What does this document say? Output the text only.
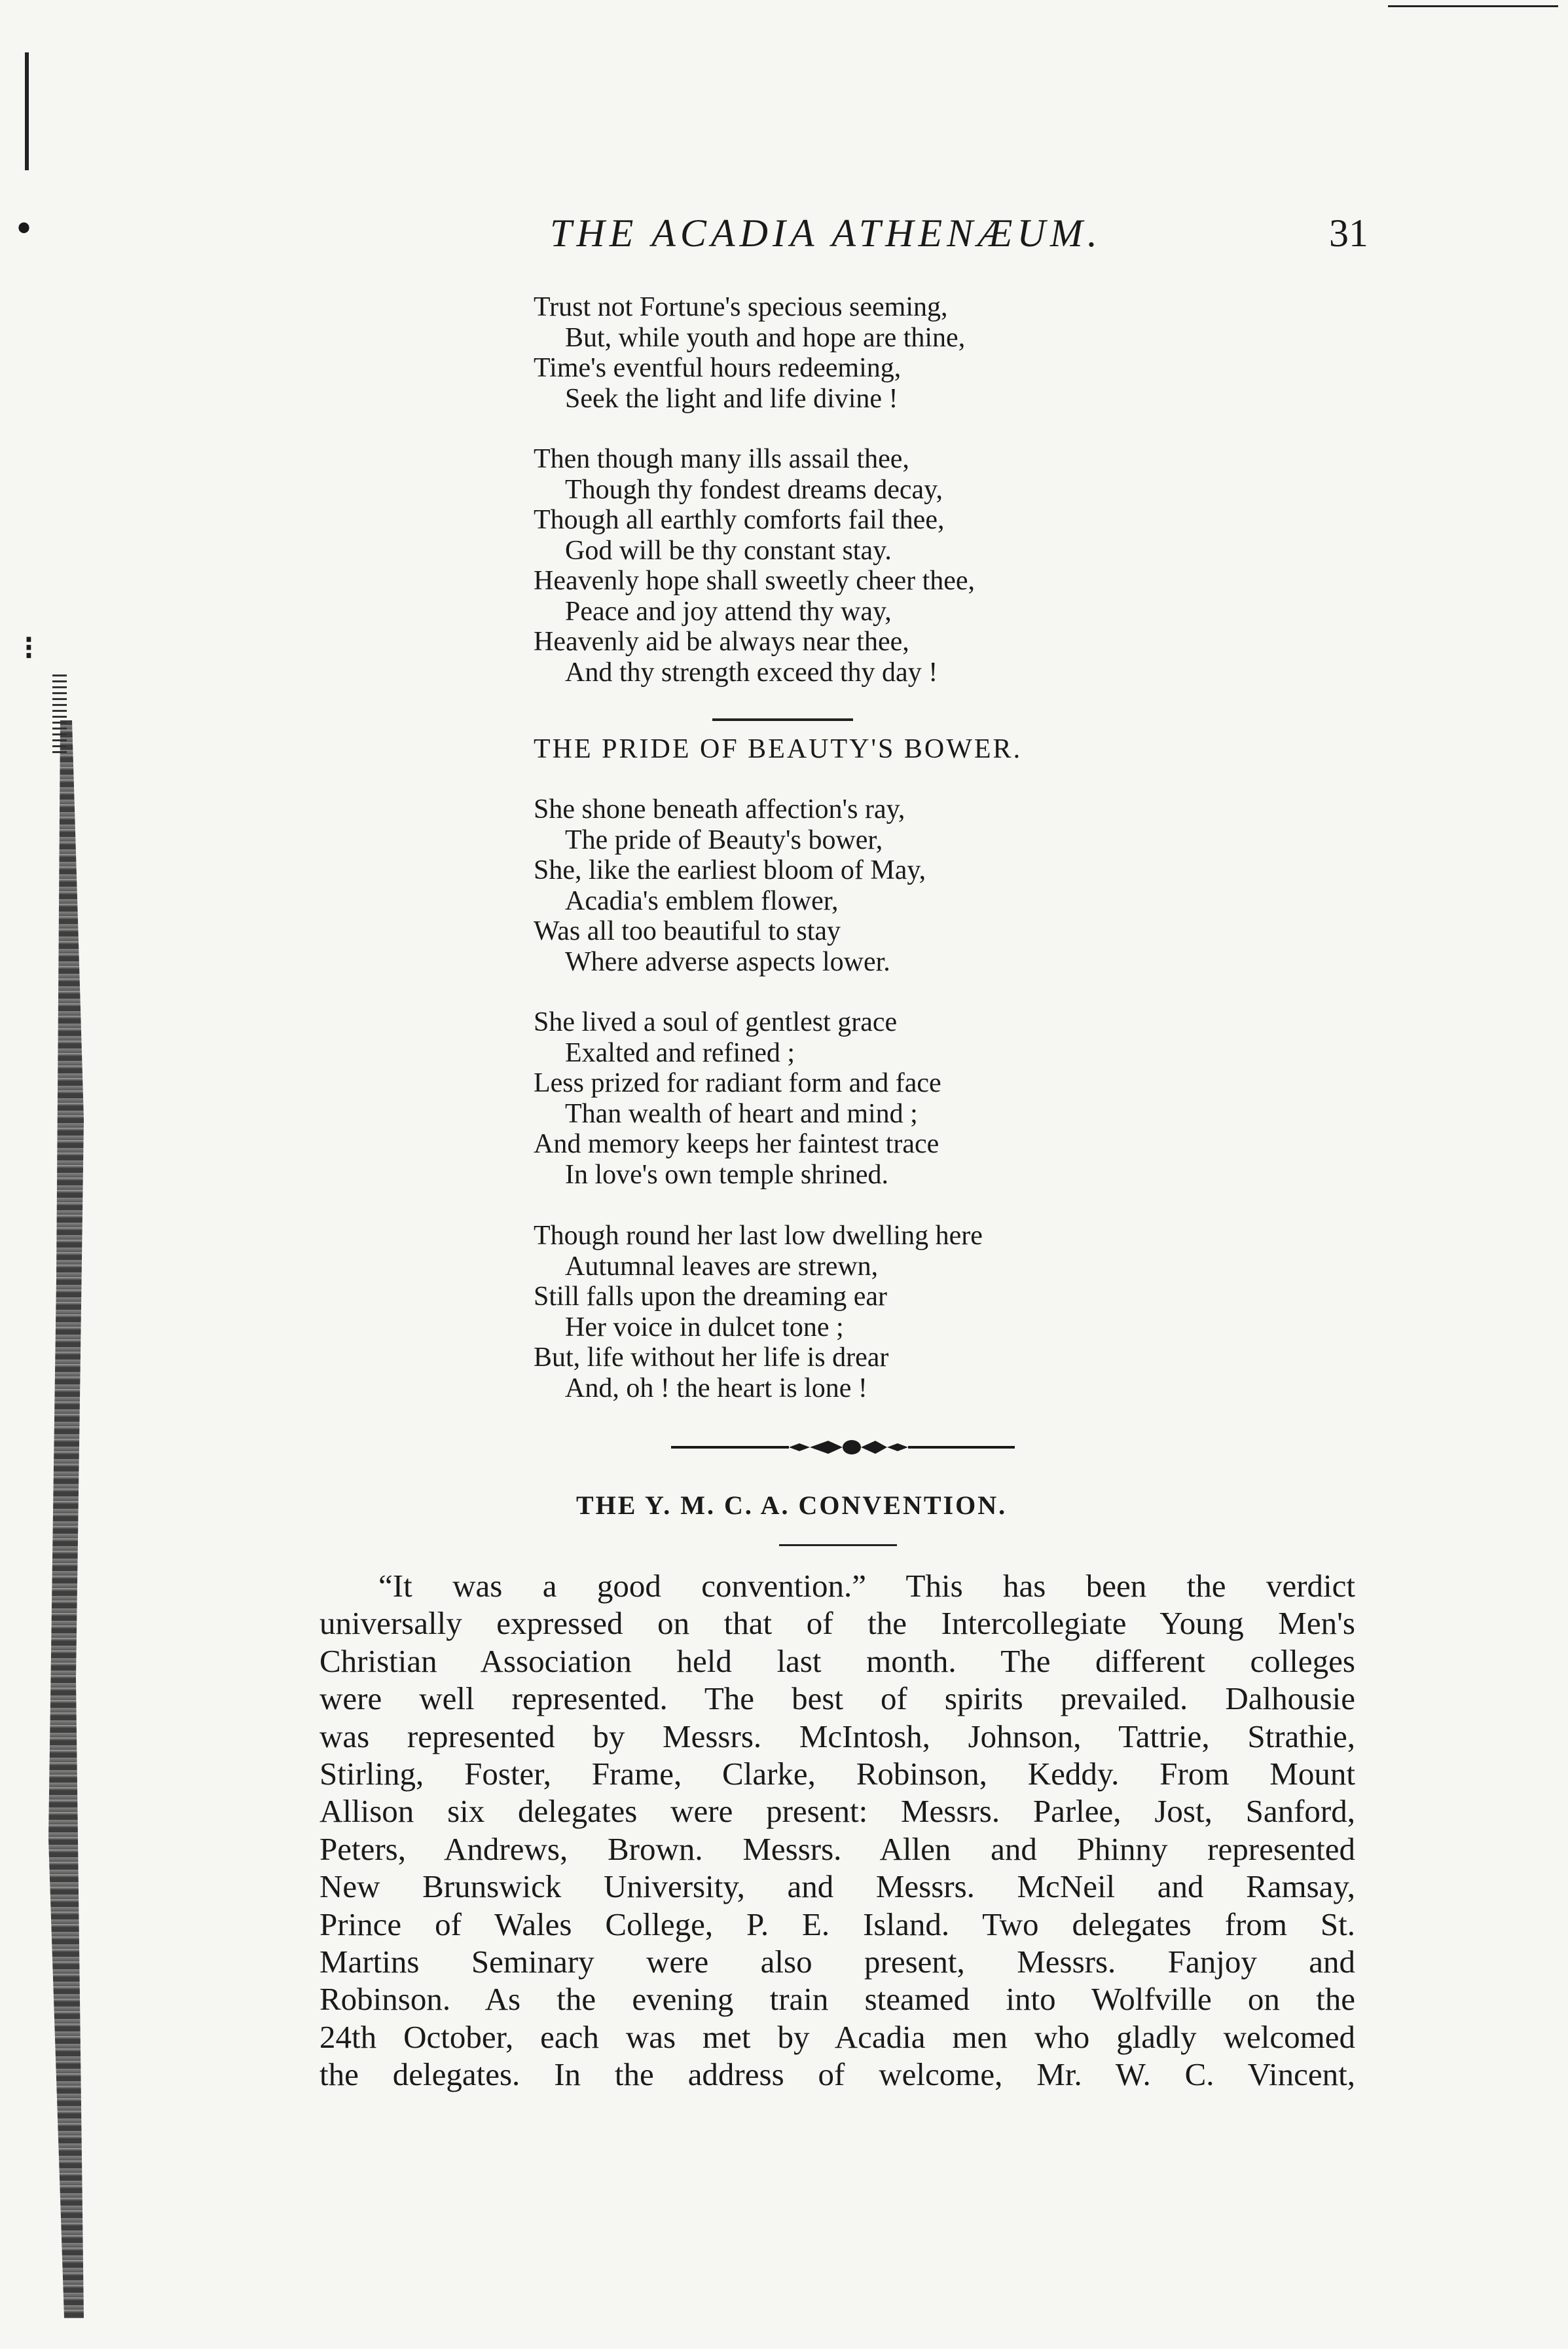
•
⁝
THE ACADIA ATHENÆUM.	31
Trust not Fortune's specious seeming,
But, while youth and hope are thine,
Time's eventful hours redeeming,
Seek the light and life divine !
Then though many ills assail thee,
Though thy fondest dreams decay,
Though all earthly comforts fail thee,
God will be thy constant stay.
Heavenly hope shall sweetly cheer thee,
Peace and joy attend thy way,
Heavenly aid be always near thee,
And thy strength exceed thy day !
THE PRIDE OF BEAUTY'S BOWER.
She shone beneath affection's ray,
The pride of Beauty's bower,
She, like the earliest bloom of May,
Acadia's emblem flower,
Was all too beautiful to stay
Where adverse aspects lower.
She lived a soul of gentlest grace
Exalted and refined ;
Less prized for radiant form and face
Than wealth of heart and mind ;
And memory keeps her faintest trace
In love's own temple shrined.
Though round her last low dwelling here
Autumnal leaves are strewn,
Still falls upon the dreaming ear
Her voice in dulcet tone ;
But, life without her life is drear
And, oh ! the heart is lone !
THE Y. M. C. A. CONVENTION.
“It was a good convention.” This has been the verdict
universally expressed on that of the Intercollegiate Young Men's
Christian Association held last month. The different colleges
were well represented. The best of spirits prevailed. Dalhousie
was represented by Messrs. McIntosh, Johnson, Tattrie, Strathie,
Stirling, Foster, Frame, Clarke, Robinson, Keddy. From Mount
Allison six delegates were present: Messrs. Parlee, Jost, Sanford,
Peters, Andrews, Brown. Messrs. Allen and Phinny represented
New Brunswick University, and Messrs. McNeil and Ramsay,
Prince of Wales College, P. E. Island. Two delegates from St.
Martins Seminary were also present, Messrs. Fanjoy and
Robinson. As the evening train steamed into Wolfville on the
24th October, each was met by Acadia men who gladly welcomed
the delegates. In the address of welcome, Mr. W. C. Vincent,
